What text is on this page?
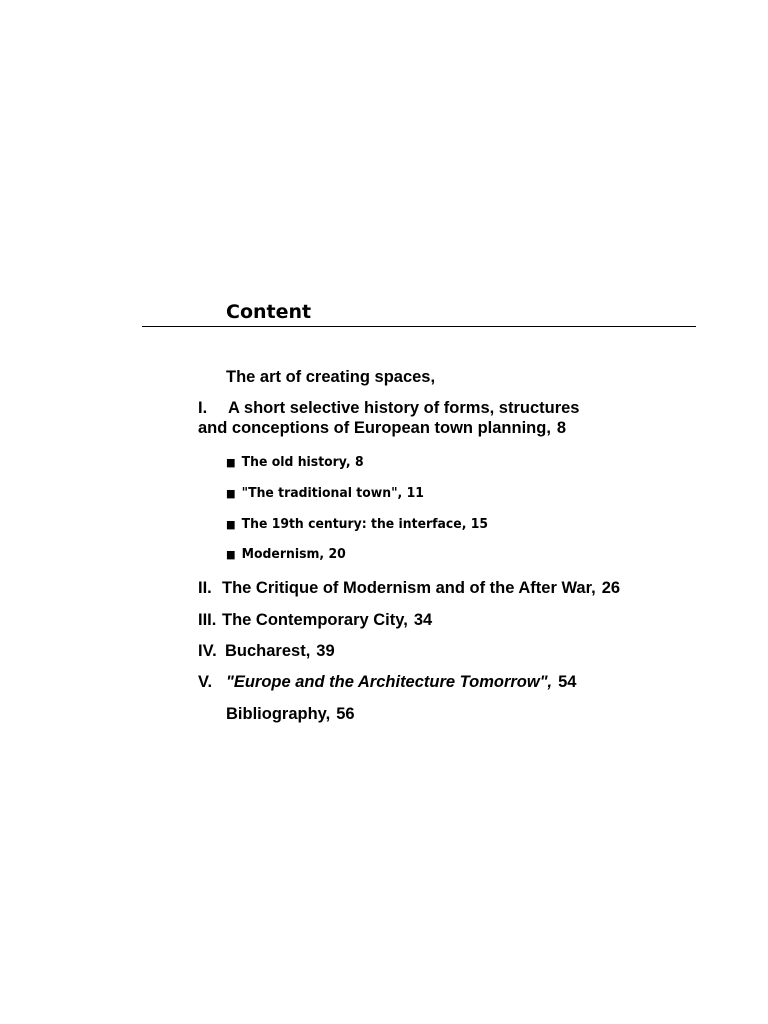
Content

The art of creating spaces,

I. A short selective history of forms, structures

and conceptions of European town planning, 8

■ The old history, 8

■ "The traditional town", 11

■ The 19th century: the interface, 15

■ Modernism, 20

II. The Critique of Modernism and of the After War, 26

III. The Contemporary City, 34

IV. Bucharest, 39

V. "Europe and the Architecture Tomorrow", 54

Bibliography, 56
